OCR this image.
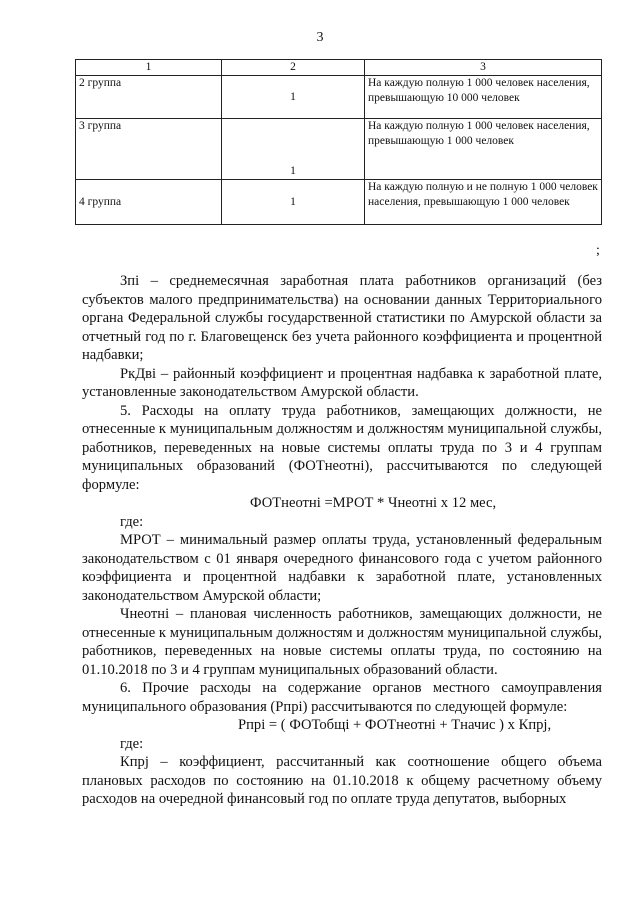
3
1	2	3
2 группа	1	На каждую полную 1 000 человек населения, превышающую 10 000 человек
3 группа	1	На каждую полную 1 000 человек населения, превышающую 1 000 человек
4 группа	1	На каждую полную и не полную 1 000 человек населения, превышающую 1 000 человек
;

Зпi – среднемесячная заработная плата работников организаций (без субъектов малого предпринимательства) на основании данных Территориального органа Федеральной службы государственной статистики по Амурской области за отчетный год по г. Благовещенск без учета районного коэффициента и процентной надбавки;

РкДвi – районный коэффициент и процентная надбавка к заработной плате, установленные законодательством Амурской области.

5. Расходы на оплату труда работников, замещающих должности, не отнесенные к муниципальным должностям и должностям муниципальной службы, работников, переведенных на новые системы оплаты труда по 3 и 4 группам муниципальных образований (ФОТнеотнi), рассчитываются по следующей формуле:

ФОТнеотнi =МРОТ * Чнеотнi х 12 мес,

где:

МРОТ – минимальный размер оплаты труда, установленный федеральным законодательством с 01 января очередного финансового года с учетом районного коэффициента и процентной надбавки к заработной плате, установленных законодательством Амурской области;

Чнеотнi – плановая численность работников, замещающих должности, не отнесенные к муниципальным должностям и должностям муниципальной службы, работников, переведенных на новые системы оплаты труда, по состоянию на 01.10.2018 по 3 и 4 группам муниципальных образований области.

6. Прочие расходы на содержание органов местного самоуправления муниципального образования (Рпрi) рассчитываются по следующей формуле:

Рпрi = ( ФОТобщi + ФОТнеотнi + Тначис ) х Кпрj,

где:

Кпрj – коэффициент, рассчитанный как соотношение общего объема плановых расходов по состоянию на 01.10.2018 к общему расчетному объему расходов на очередной финансовый год по оплате труда депутатов, выборных
